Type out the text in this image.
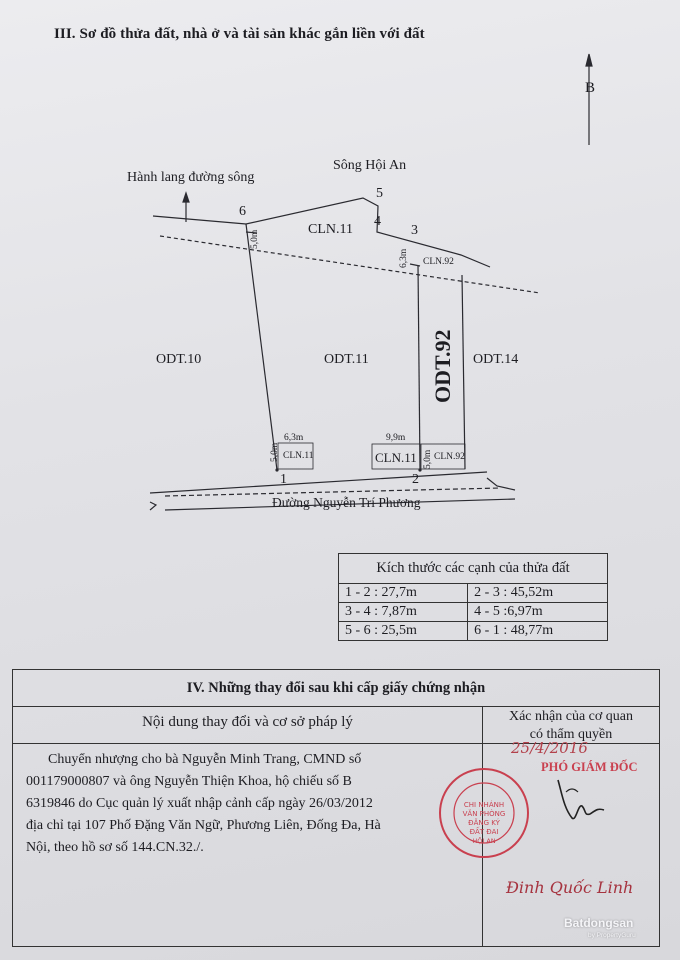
III. Sơ đồ thửa đất, nhà ở và tài sản khác gắn liền với đất
B
Hành lang đường sông
Sông Hội An
5
6
4
3
1	2
CLN.11
CLN.92
5,0m
6,3m
ODT.10	ODT.11	ODT.92 ODT.14
6,3m
5,0m CLN.11
9,9m
CLN.11 5,0m CLN.92
Đường Nguyễn Trí Phương
Kích thước các cạnh của thửa đất	
1 - 2 : 27,7m	2 - 3 : 45,52m
3 - 4 : 7,87m	4 - 5 :6,97m
5 - 6 : 25,5m	6 - 1 : 48,77m
IV. Những thay đổi sau khi cấp giấy chứng nhận
Nội dung thay đổi và cơ sở pháp lý	Xác nhận của cơ quan
có thẩm quyền
Chuyển nhượng cho bà Nguyễn Minh Trang, CMND số
001179000807 và ông Nguyễn Thiện Khoa, hộ chiếu số B
6319846 do Cục quản lý xuất nhập cảnh cấp ngày 26/03/2012
địa chỉ tại 107 Phố Đặng Văn Ngữ, Phương Liên, Đống Đa, Hà
Nội, theo hồ sơ số 144.CN.32./.
25/4/2016
PHÓ GIÁM ĐỐC
CHI NHÁNH
VĂN PHÒNG
ĐĂNG KÝ
ĐẤT ĐAI
HỘI AN
Đinh Quốc Linh
Batdongsan
by PropertyGuru
